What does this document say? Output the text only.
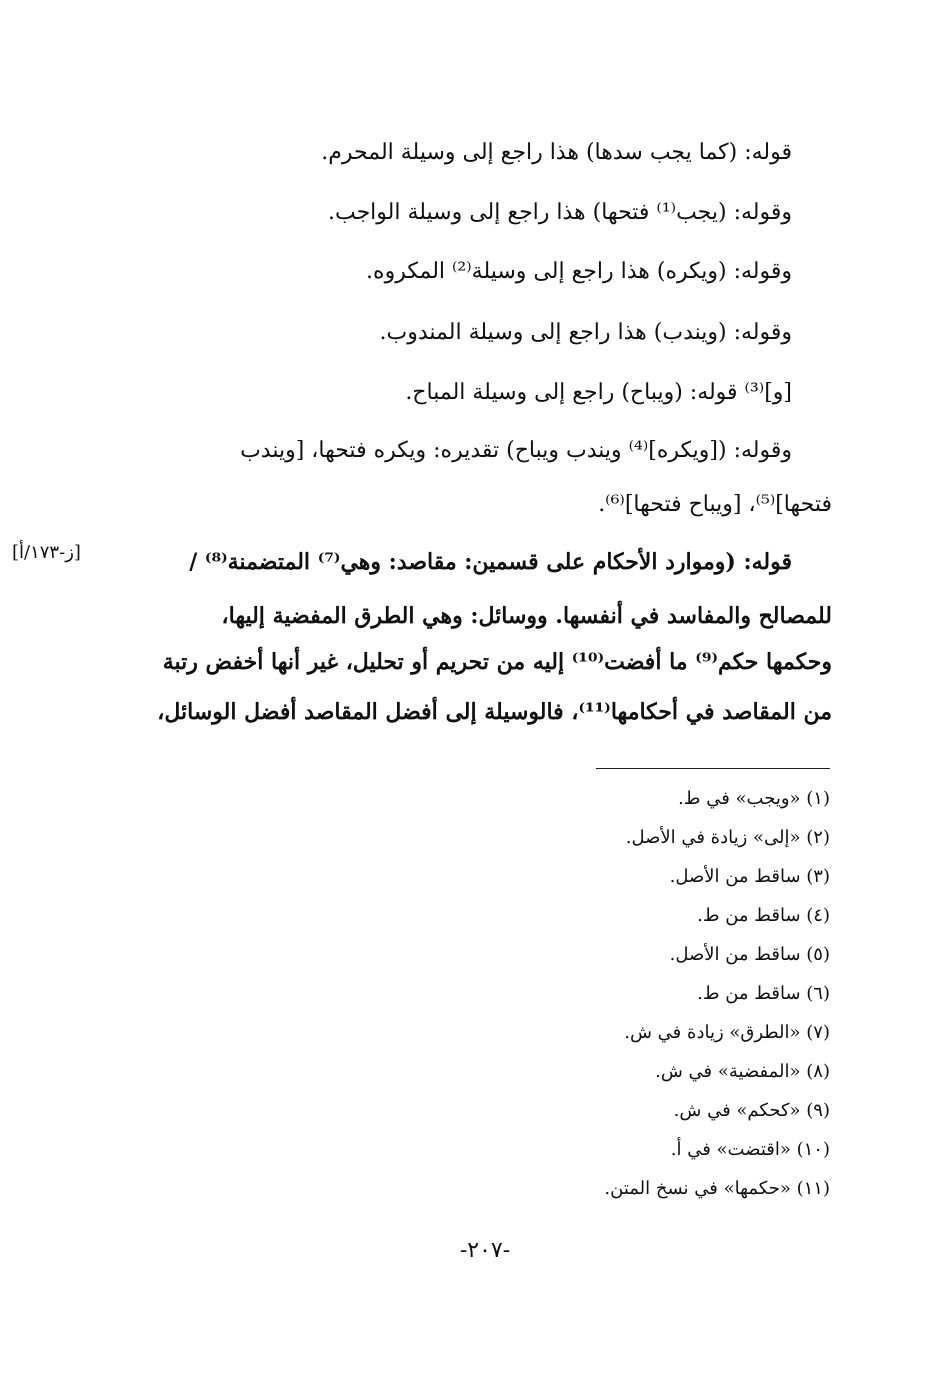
قوله: (كما يجب سدها) هذا راجع إلى وسيلة المحرم.
وقوله: (يجب⁽¹⁾ فتحها) هذا راجع إلى وسيلة الواجب.
وقوله: (ويكره) هذا راجع إلى وسيلة⁽²⁾ المكروه.
وقوله: (ويندب) هذا راجع إلى وسيلة المندوب.
[و]⁽³⁾ قوله: (ويباح) راجع إلى وسيلة المباح.
وقوله: ([ويكره]⁽⁴⁾ ويندب ويباح) تقديره: ويكره فتحها، [ويندب
فتحها]⁽⁵⁾، [ويباح فتحها]⁽⁶⁾.
[ز-١٧٣/أ]	قوله: (وموارد الأحكام على قسمين: مقاصد: وهي⁽⁷⁾ المتضمنة⁽⁸⁾ /
للمصالح والمفاسد في أنفسها. ووسائل: وهي الطرق المفضية إليها،
وحكمها حكم⁽⁹⁾ ما أفضت⁽¹⁰⁾ إليه من تحريم أو تحليل، غير أنها أخفض رتبة
من المقاصد في أحكامها⁽¹¹⁾، فالوسيلة إلى أفضل المقاصد أفضل الوسائل،
(١) «ويجب» في ط.
(٢) «إلى» زيادة في الأصل.
(٣) ساقط من الأصل.
(٤) ساقط من ط.
(٥) ساقط من الأصل.
(٦) ساقط من ط.
(٧) «الطرق» زيادة في ش.
(٨) «المفضية» في ش.
(٩) «كحكم» في ش.
(١٠) «اقتضت» في أ.
(١١) «حكمها» في نسخ المتن.
-٢٠٧-
